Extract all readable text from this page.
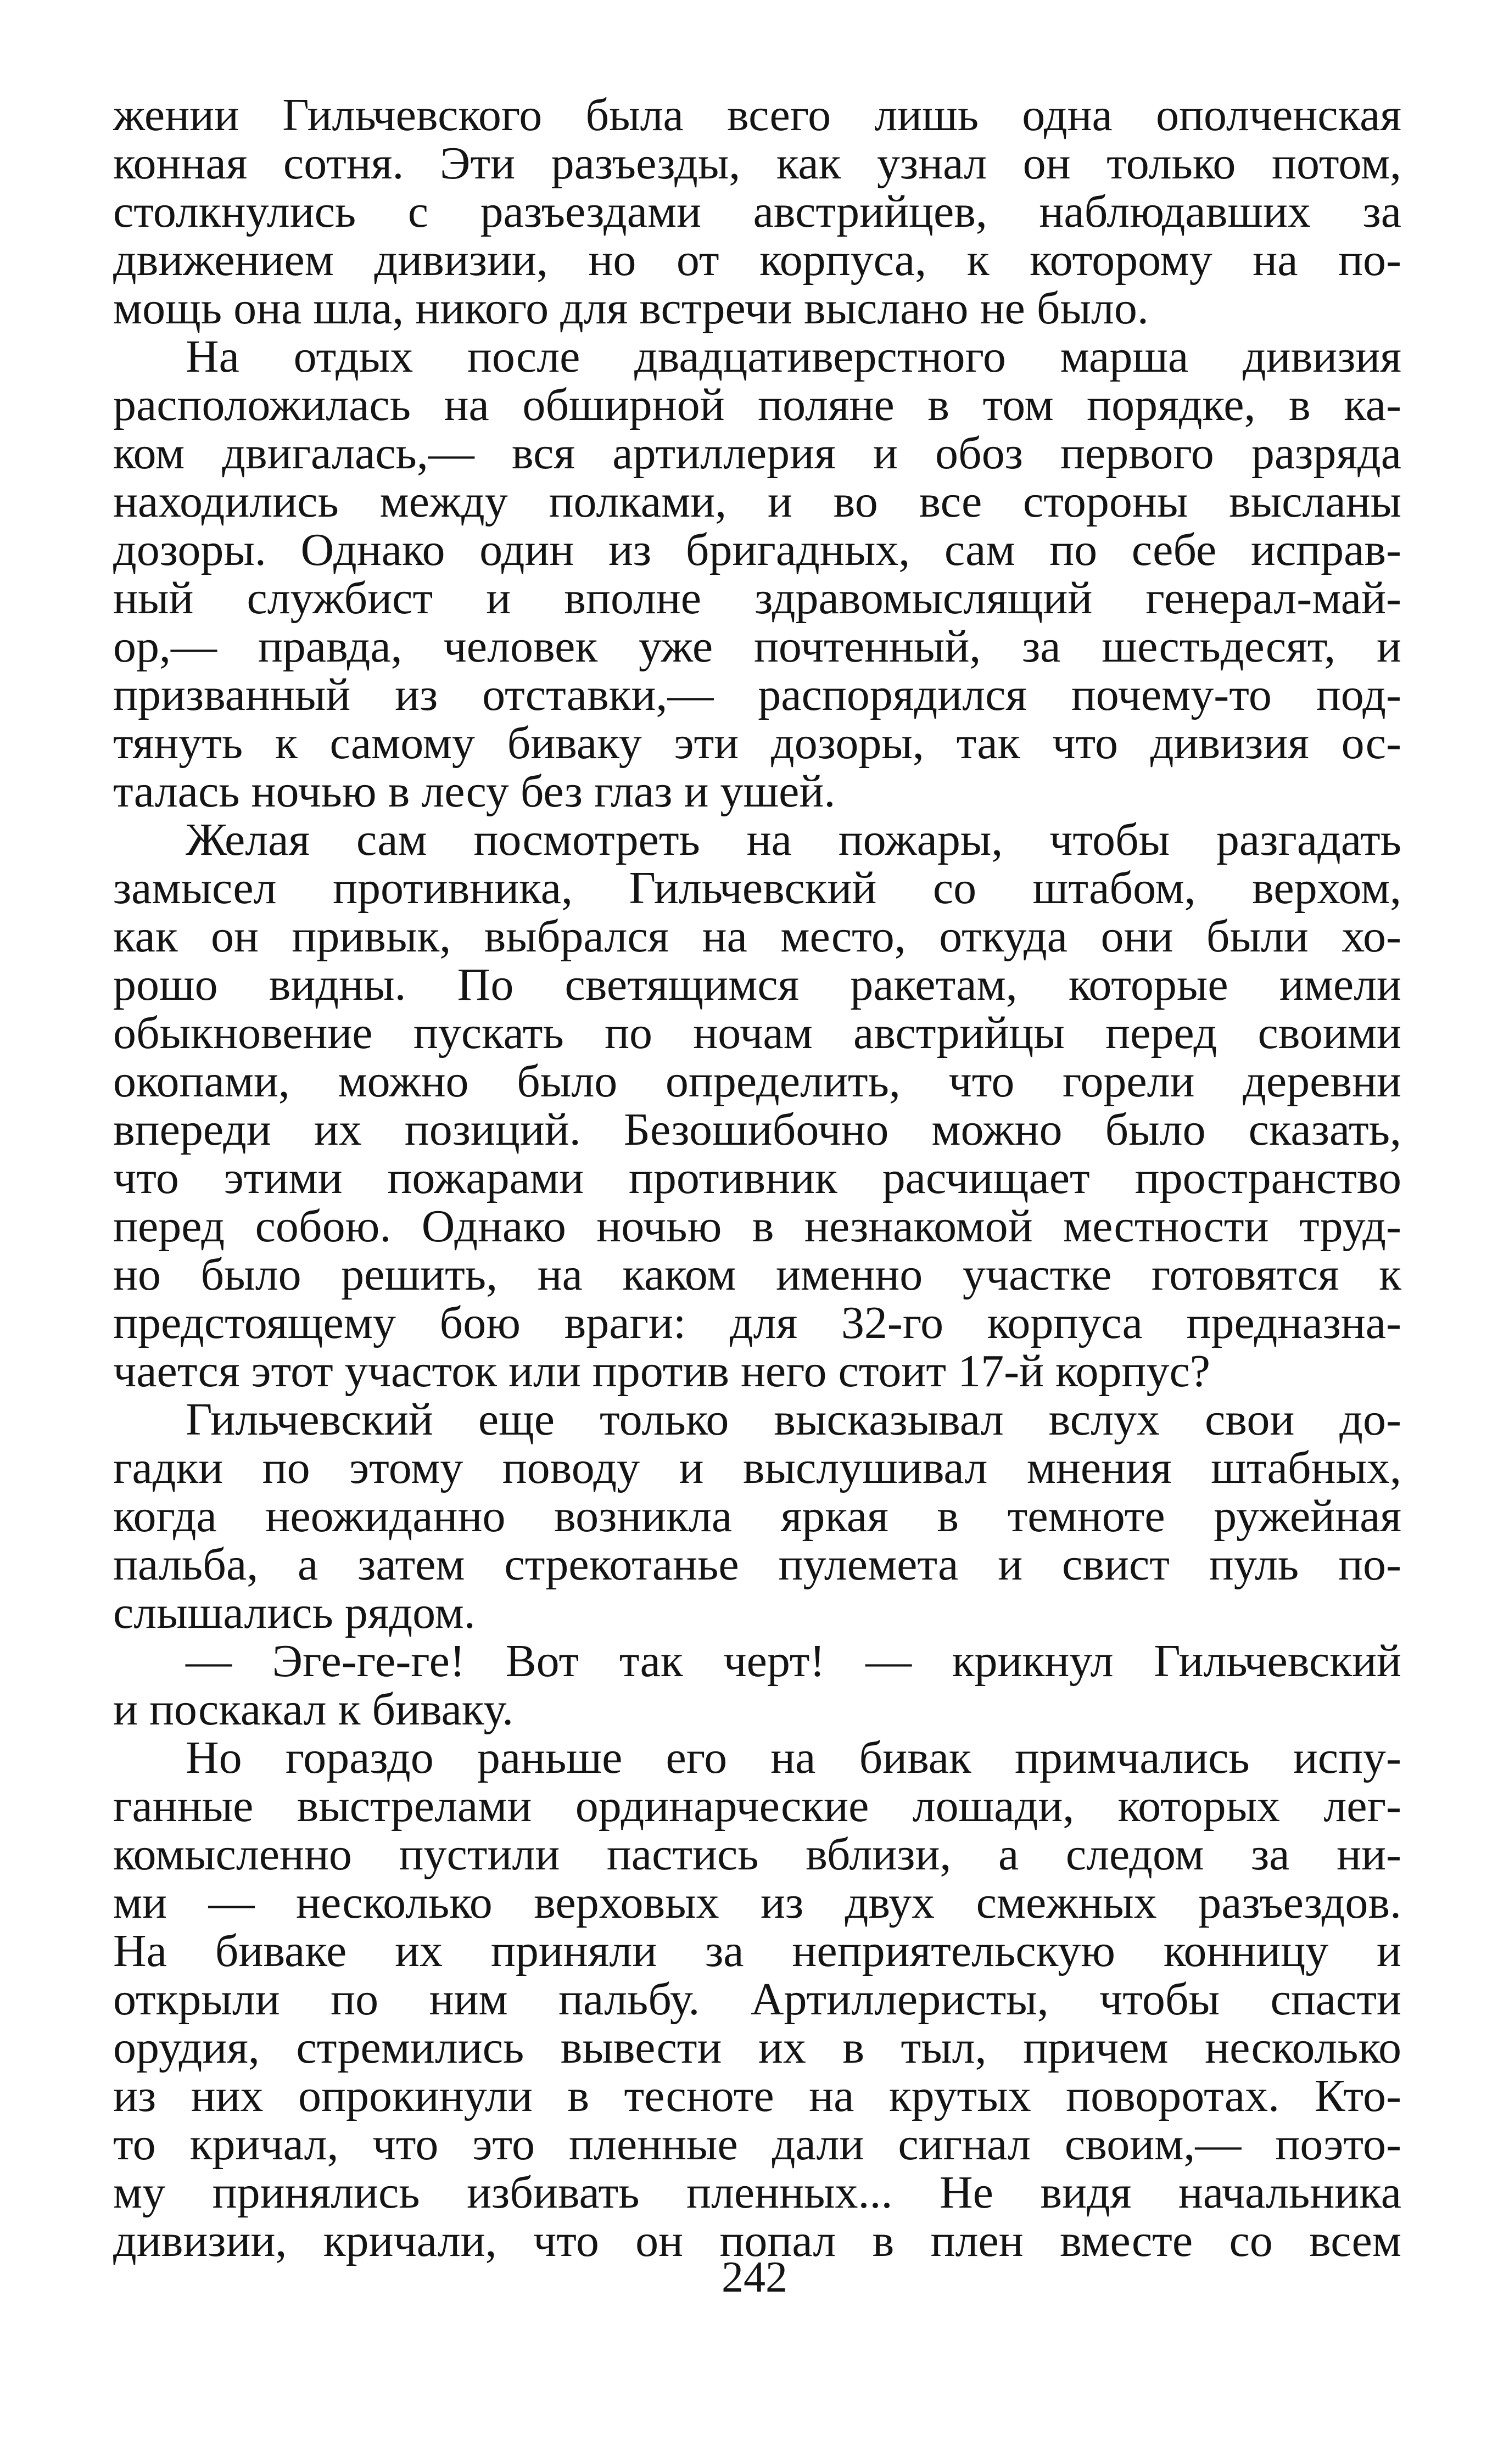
жении Гильчевского была всего лишь одна ополченская
конная сотня. Эти разъезды, как узнал он только потом,
столкнулись с разъездами австрийцев, наблюдавших за
движением дивизии, но от корпуса, к которому на по-
мощь она шла, никого для встречи выслано не было.
На отдых после двадцативерстного марша дивизия
расположилась на обширной поляне в том порядке, в ка-
ком двигалась,— вся артиллерия и обоз первого разряда
находились между полками, и во все стороны высланы
дозоры. Однако один из бригадных, сам по себе исправ-
ный службист и вполне здравомыслящий генерал-май-
ор,— правда, человек уже почтенный, за шестьдесят, и
призванный из отставки,— распорядился почему-то под-
тянуть к самому биваку эти дозоры, так что дивизия ос-
талась ночью в лесу без глаз и ушей.
Желая сам посмотреть на пожары, чтобы разгадать
замысел противника, Гильчевский со штабом, верхом,
как он привык, выбрался на место, откуда они были хо-
рошо видны. По светящимся ракетам, которые имели
обыкновение пускать по ночам австрийцы перед своими
окопами, можно было определить, что горели деревни
впереди их позиций. Безошибочно можно было сказать,
что этими пожарами противник расчищает пространство
перед собою. Однако ночью в незнакомой местности труд-
но было решить, на каком именно участке готовятся к
предстоящему бою враги: для 32-го корпуса предназна-
чается этот участок или против него стоит 17-й корпус?
Гильчевский еще только высказывал вслух свои до-
гадки по этому поводу и выслушивал мнения штабных,
когда неожиданно возникла яркая в темноте ружейная
пальба, а затем стрекотанье пулемета и свист пуль по-
слышались рядом.
— Эге-ге-ге! Вот так черт! — крикнул Гильчевский
и поскакал к биваку.
Но гораздо раньше его на бивак примчались испу-
ганные выстрелами ординарческие лошади, которых лег-
комысленно пустили пастись вблизи, а следом за ни-
ми — несколько верховых из двух смежных разъездов.
На биваке их приняли за неприятельскую конницу и
открыли по ним пальбу. Артиллеристы, чтобы спасти
орудия, стремились вывести их в тыл, причем несколько
из них опрокинули в тесноте на крутых поворотах. Кто-
то кричал, что это пленные дали сигнал своим,— поэто-
му принялись избивать пленных... Не видя начальника
дивизии, кричали, что он попал в плен вместе со всем
242
